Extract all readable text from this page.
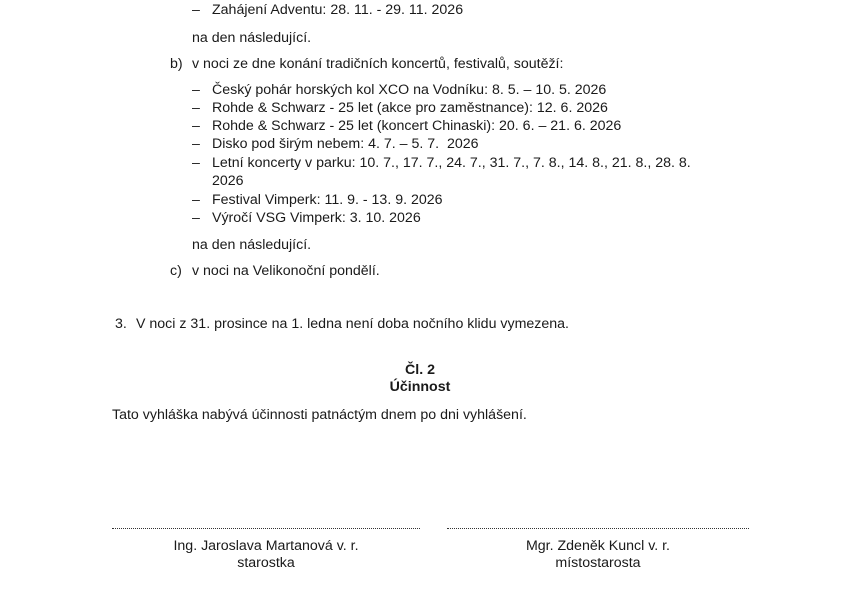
– Zahájení Adventu: 28. 11. - 29. 11. 2026
na den následující.
b) v noci ze dne konání tradičních koncertů, festivalů, soutěží:
– Český pohár horských kol XCO na Vodníku: 8. 5. – 10. 5. 2026
– Rohde & Schwarz - 25 let (akce pro zaměstnance): 12. 6. 2026
– Rohde & Schwarz - 25 let (koncert Chinaski): 20. 6. – 21. 6. 2026
– Disko pod širým nebem: 4. 7. – 5. 7.  2026
– Letní koncerty v parku: 10. 7., 17. 7., 24. 7., 31. 7., 7. 8., 14. 8., 21. 8., 28. 8.
2026
– Festival Vimperk: 11. 9. - 13. 9. 2026
– Výročí VSG Vimperk: 3. 10. 2026
na den následující.
c) v noci na Velikonoční pondělí.
3. V noci z 31. prosince na 1. ledna není doba nočního klidu vymezena.
Čl. 2
Účinnost
Tato vyhláška nabývá účinnosti patnáctým dnem po dni vyhlášení.
Ing. Jaroslava Martanová v. r.
starostka
Mgr. Zdeněk Kuncl v. r.
místostarosta
